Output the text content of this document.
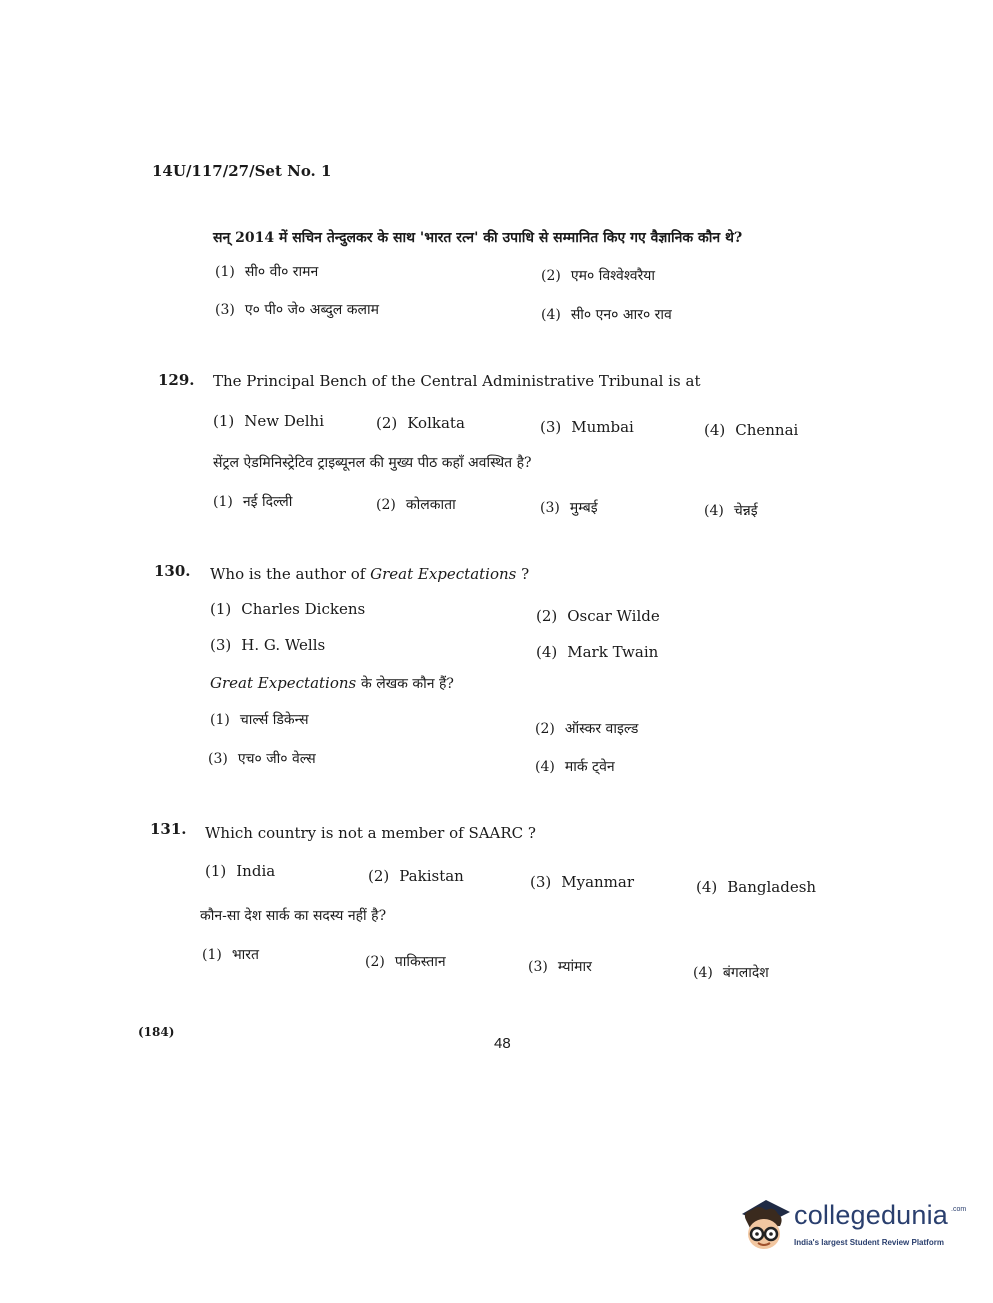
14U/117/27/Set No. 1
सन् 2014 में सचिन तेन्दुलकर के साथ 'भारत रत्न' की उपाधि से सम्मानित किए गए वैज्ञानिक कौन थे?
(1) सी० वी० रामन	(2) एम० विश्वेश्वरैया
(3) ए० पी० जे० अब्दुल कलाम	(4) सी० एन० आर० राव
129. The Principal Bench of the Central Administrative Tribunal is at
(1) New Delhi	(2) Kolkata	(3) Mumbai	(4) Chennai
सेंट्रल ऐडमिनिस्ट्रेटिव ट्राइब्यूनल की मुख्य पीठ कहाँ अवस्थित है?
(1) नई दिल्ली	(2) कोलकाता	(3) मुम्बई	(4) चेन्नई
130. Who is the author of Great Expectations ?
(1) Charles Dickens	(2) Oscar Wilde
(3) H. G. Wells	(4) Mark Twain
Great Expectations के लेखक कौन हैं?
(1) चार्ल्स डिकेन्स
(2) ऑस्कर वाइल्ड
(3) एच० जी० वेल्स	(4) मार्क ट्वेन
131. Which country is not a member of SAARC ?
(1) India	(2) Pakistan	(3) Myanmar	(4) Bangladesh
कौन-सा देश सार्क का सदस्य नहीं है?
(1) भारत	(2) पाकिस्तान	(3) म्यांमार	(4) बंगलादेश
(184)
48
collegedunia .com
India's largest Student Review Platform
